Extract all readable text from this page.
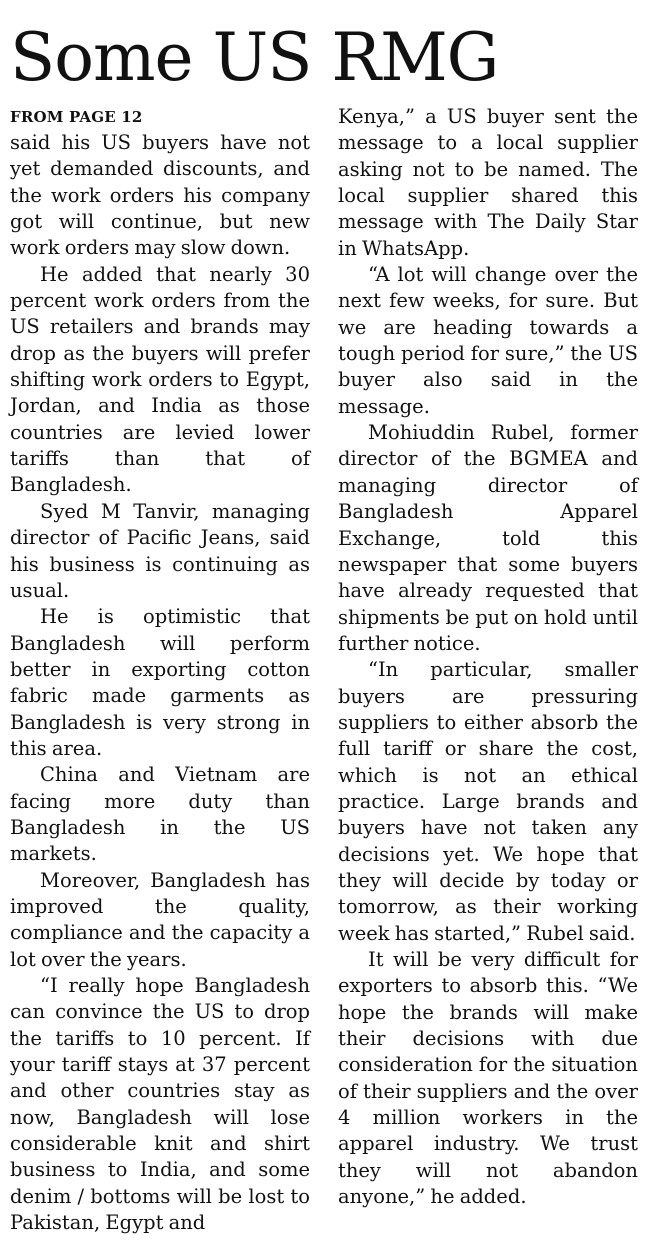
Some US RMG
FROM PAGE 12

said his US buyers have not yet demanded discounts, and the work orders his company got will continue, but new work orders may slow down.

He added that nearly 30 percent work orders from the US retailers and brands may drop as the buyers will prefer shifting work orders to Egypt, Jordan, and India as those countries are levied lower tariffs than that of Bangladesh.

Syed M Tanvir, managing director of Pacific Jeans, said his business is continuing as usual.

He is optimistic that Bangladesh will perform better in exporting cotton fabric made garments as Bangladesh is very strong in this area.

China and Vietnam are facing more duty than Bangladesh in the US markets.

Moreover, Bangladesh has improved the quality, compliance and the capacity a lot over the years.

“I really hope Bangladesh can convince the US to drop the tariffs to 10 percent. If your tariff stays at 37 percent and other countries stay as now, Bangladesh will lose considerable knit and shirt business to India, and some denim / bottoms will be lost to Pakistan, Egypt and

Kenya,” a US buyer sent the message to a local supplier asking not to be named. The local supplier shared this message with The Daily Star in WhatsApp.

“A lot will change over the next few weeks, for sure. But we are heading towards a tough period for sure,” the US buyer also said in the message.

Mohiuddin Rubel, former director of the BGMEA and managing director of Bangladesh Apparel Exchange, told this newspaper that some buyers have already requested that shipments be put on hold until further notice.

“In particular, smaller buyers are pressuring suppliers to either absorb the full tariff or share the cost, which is not an ethical practice. Large brands and buyers have not taken any decisions yet. We hope that they will decide by today or tomorrow, as their working week has started,” Rubel said.

It will be very difficult for exporters to absorb this. “We hope the brands will make their decisions with due consideration for the situation of their suppliers and the over 4 million workers in the apparel industry. We trust they will not abandon anyone,” he added.
